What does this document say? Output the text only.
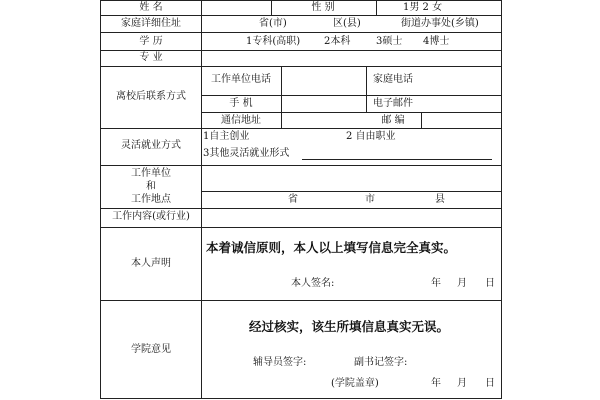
姓 名	性 别	1男 2 女
家庭详细住址	省(市)	区(县)	街道办事处(乡镇)
学 历	1专科(高职) 2本科	3硕士 4博士
专 业
离校后联系方式
工作单位电话	家庭电话
手 机	电子邮件
通信地址	邮 编
灵活就业方式
1自主创业	2 自由职业
3其他灵活就业形式
工作单位
和
工作地点	省	市	县
工作内容(或行业)
本人声明
本着诚信原则，本人以上填写信息完全真实。
本人签名:	年 月 日
学院意见
经过核实，该生所填信息真实无误。
辅导员签字:	副书记签字:
(学院盖章)	年 月 日
